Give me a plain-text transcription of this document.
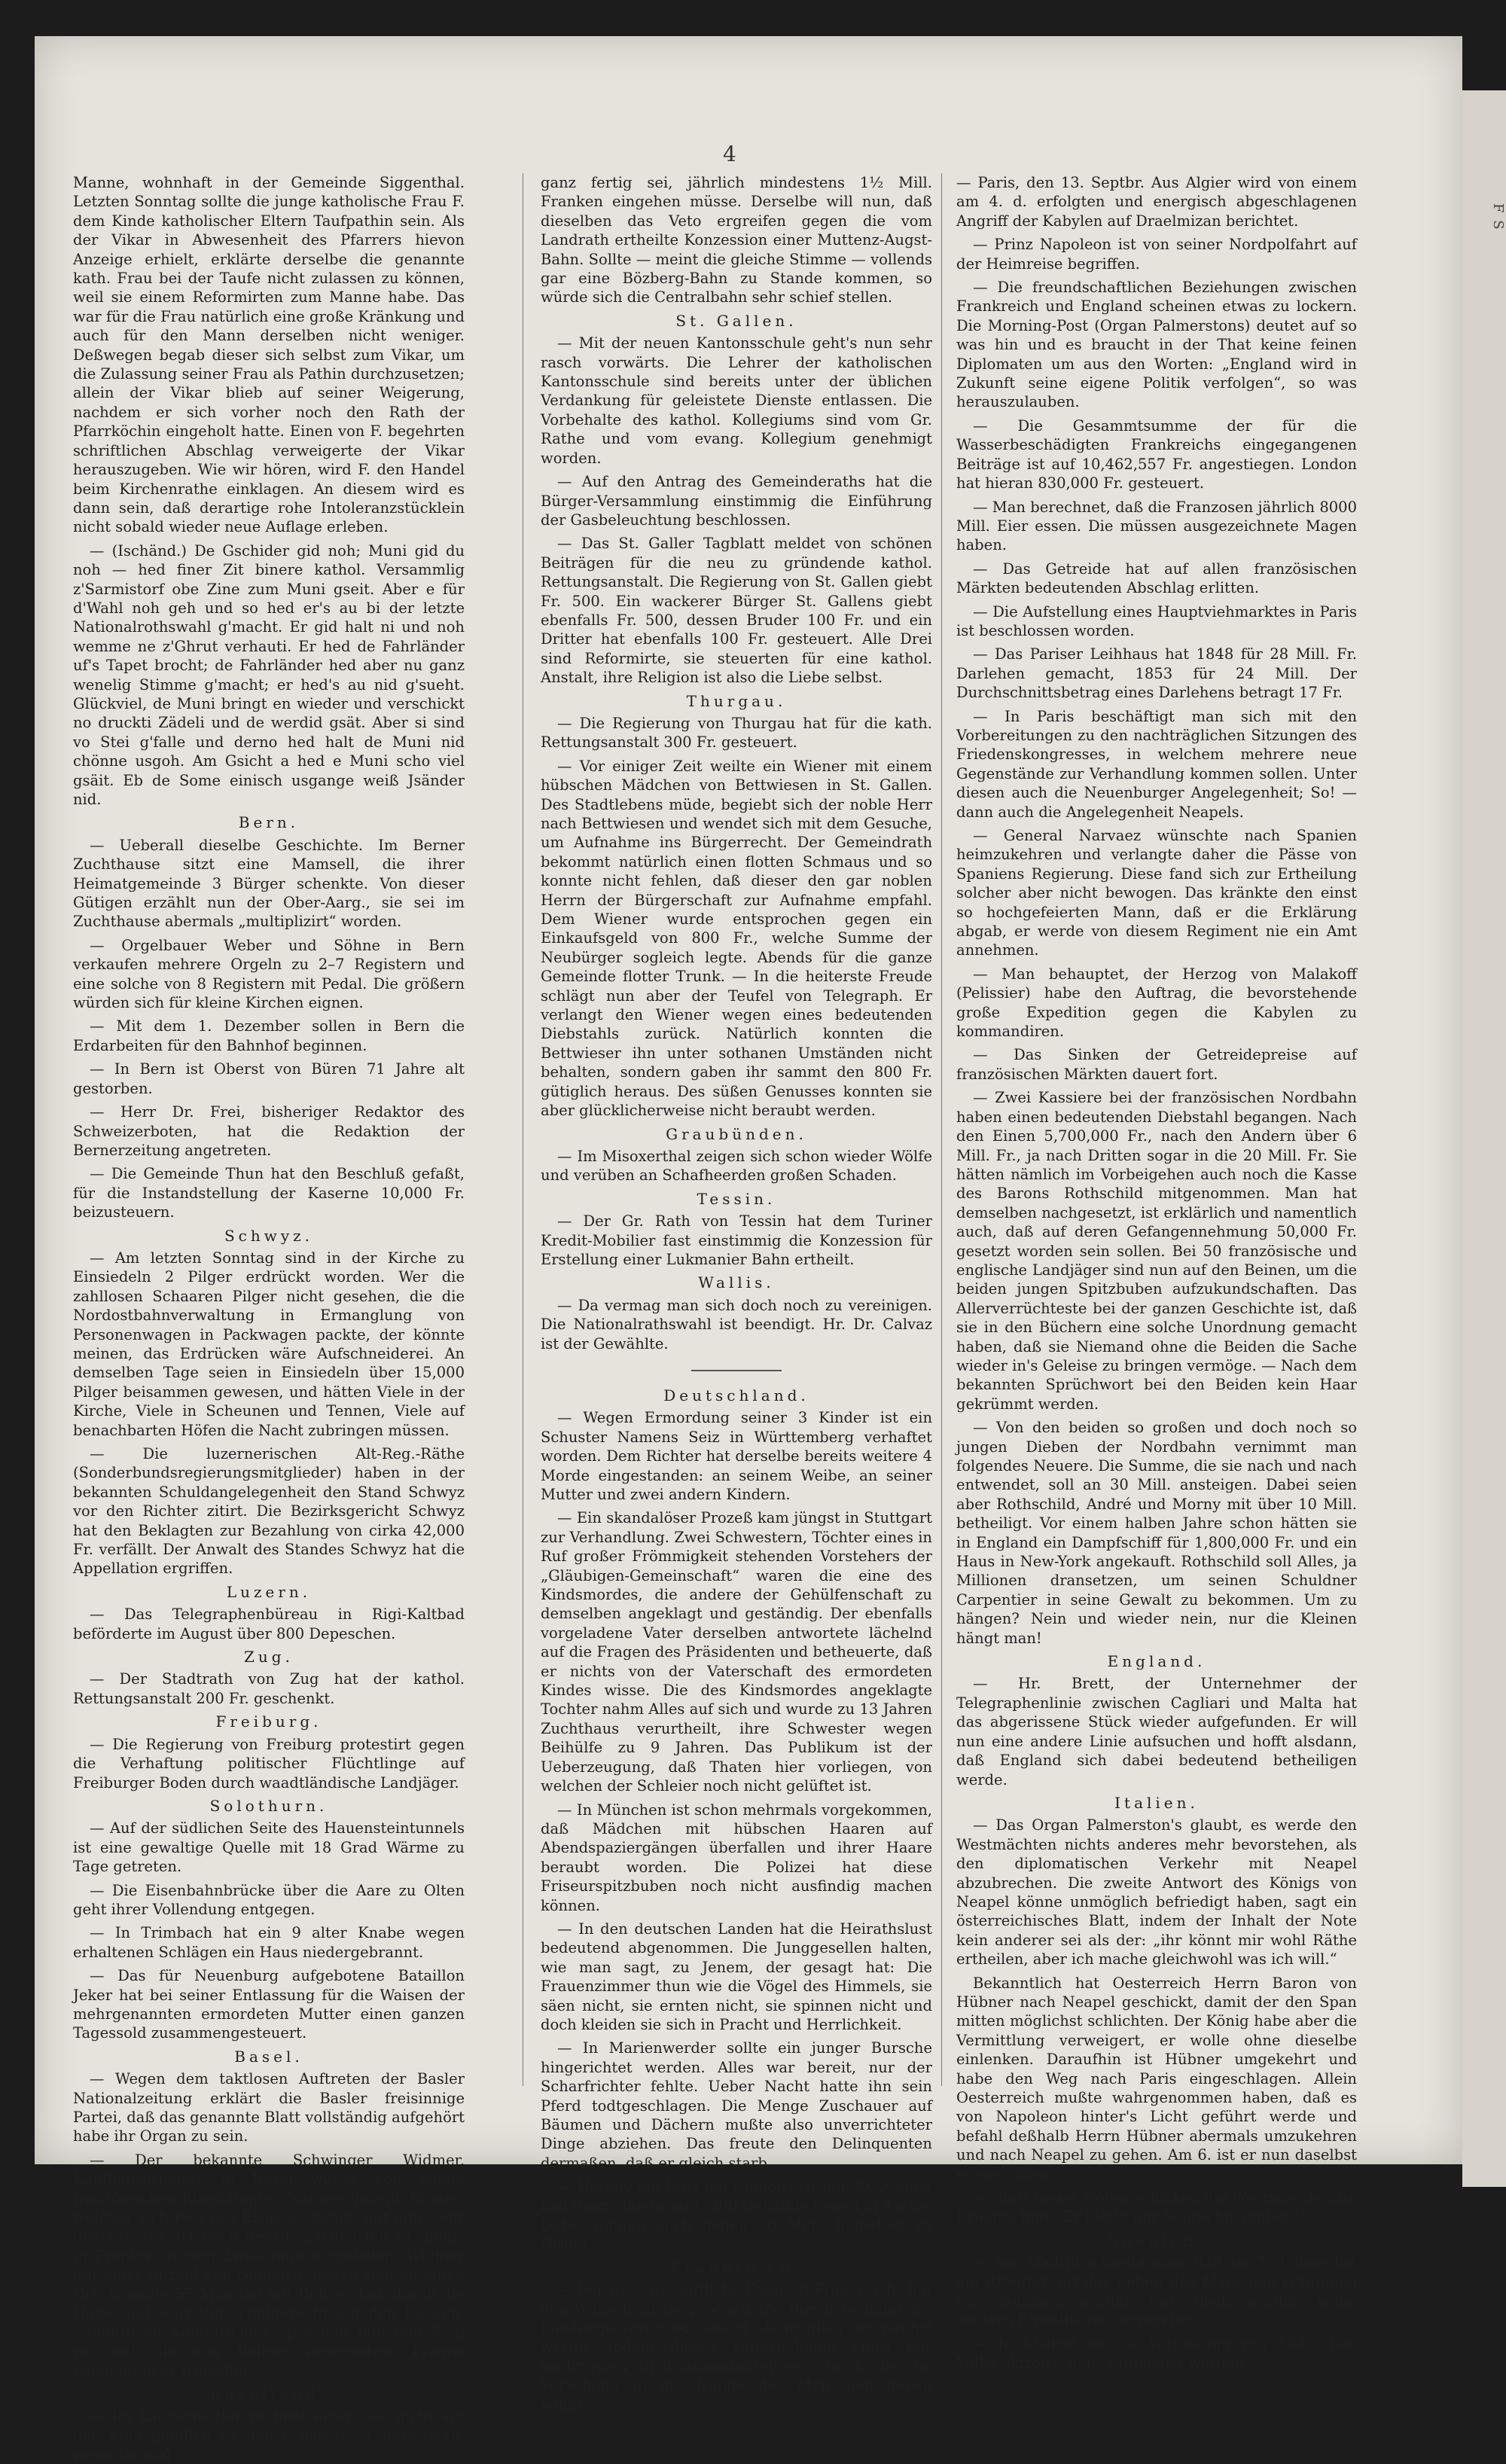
F S
4

Manne, wohnhaft in der Gemeinde Siggenthal. Letzten Sonntag sollte die junge katholische Frau F. dem Kinde katholischer Eltern Taufpathin sein. Als der Vikar in Abwesenheit des Pfarrers hievon Anzeige erhielt, erklärte derselbe die genannte kath. Frau bei der Taufe nicht zulassen zu können, weil sie einem Reformirten zum Manne habe. Das war für die Frau natürlich eine große Kränkung und auch für den Mann derselben nicht weniger. Deßwegen begab dieser sich selbst zum Vikar, um die Zulassung seiner Frau als Pathin durchzusetzen; allein der Vikar blieb auf seiner Weigerung, nachdem er sich vorher noch den Rath der Pfarrköchin eingeholt hatte. Einen von F. begehrten schriftlichen Abschlag verweigerte der Vikar herauszugeben. Wie wir hören, wird F. den Handel beim Kirchenrathe einklagen. An diesem wird es dann sein, daß derartige rohe Intoleranzstücklein nicht sobald wieder neue Auflage erleben.

— (Ischänd.) De Gschider gid noh; Muni gid du noh — hed finer Zit binere kathol. Versammlig z'Sarmistorf obe Zine zum Muni gseit. Aber e für d'Wahl noh geh und so hed er's au bi der letzte Nationalrothswahl g'macht. Er gid halt ni und noh wemme ne z'Ghrut verhauti. Er hed de Fahrländer uf's Tapet brocht; de Fahrländer hed aber nu ganz wenelig Stimme g'macht; er hed's au nid g'sueht. Glückviel, de Muni bringt en wieder und verschickt no druckti Zädeli und de werdid gsät. Aber si sind vo Stei g'falle und derno hed halt de Muni nid chönne usgoh. Am Gsicht a hed e Muni scho viel gsäit. Eb de Some einisch usgange weiß Jsänder nid.

Bern.

— Ueberall dieselbe Geschichte. Im Berner Zuchthause sitzt eine Mamsell, die ihrer Heimatgemeinde 3 Bürger schenkte. Von dieser Gütigen erzählt nun der Ober-Aarg., sie sei im Zuchthause abermals „multiplizirt“ worden.

— Orgelbauer Weber und Söhne in Bern verkaufen mehrere Orgeln zu 2–7 Registern und eine solche von 8 Registern mit Pedal. Die größern würden sich für kleine Kirchen eignen.

— Mit dem 1. Dezember sollen in Bern die Erdarbeiten für den Bahnhof beginnen.

— In Bern ist Oberst von Büren 71 Jahre alt gestorben.

— Herr Dr. Frei, bisheriger Redaktor des Schweizerboten, hat die Redaktion der Bernerzeitung angetreten.

— Die Gemeinde Thun hat den Beschluß gefaßt, für die Instandstellung der Kaserne 10,000 Fr. beizusteuern.

Schwyz.

— Am letzten Sonntag sind in der Kirche zu Einsiedeln 2 Pilger erdrückt worden. Wer die zahllosen Schaaren Pilger nicht gesehen, die die Nordostbahnverwaltung in Ermanglung von Personenwagen in Packwagen packte, der könnte meinen, das Erdrücken wäre Aufschneiderei. An demselben Tage seien in Einsiedeln über 15,000 Pilger beisammen gewesen, und hätten Viele in der Kirche, Viele in Scheunen und Tennen, Viele auf benachbarten Höfen die Nacht zubringen müssen.

— Die luzernerischen Alt-Reg.-Räthe (Sonderbundsregierungsmitglieder) haben in der bekannten Schuldangelegenheit den Stand Schwyz vor den Richter zitirt. Die Bezirksgericht Schwyz hat den Beklagten zur Bezahlung von cirka 42,000 Fr. verfällt. Der Anwalt des Standes Schwyz hat die Appellation ergriffen.

Luzern.

— Das Telegraphenbüreau in Rigi-Kaltbad beförderte im August über 800 Depeschen.

Zug.

— Der Stadtrath von Zug hat der kathol. Rettungsanstalt 200 Fr. geschenkt.

Freiburg.

— Die Regierung von Freiburg protestirt gegen die Verhaftung politischer Flüchtlinge auf Freiburger Boden durch waadtländische Landjäger.

Solothurn.

— Auf der südlichen Seite des Hauensteintunnels ist eine gewaltige Quelle mit 18 Grad Wärme zu Tage getreten.

— Die Eisenbahnbrücke über die Aare zu Olten geht ihrer Vollendung entgegen.

— In Trimbach hat ein 9 alter Knabe wegen erhaltenen Schlägen ein Haus niedergebrannt.

— Das für Neuenburg aufgebotene Bataillon Jeker hat bei seiner Entlassung für die Waisen der mehrgenannten ermordeten Mutter einen ganzen Tagessold zusammengesteuert.

Basel.

— Wegen dem taktlosen Auftreten der Basler Nationalzeitung erklärt die Basler freisinnige Partei, daß das genannte Blatt vollständig aufgehört habe ihr Organ zu sein.

— Der bekannte Schwinger Widmer, Kaufhausarbeiter in Basel wurde von einem französischen Ringkämpfer, Namens Joseph Bohrer, welcher sich Fels des Elsasses nennt, auf eine sehr überraschte Art nach dem benachbarten St. Louis in Frankreich zum Zweikampf eingeladen. Widmer mit einer Anzahl von Gönnern, begab sich an jenen Ort, kämpfte 55 Minuten mit Bohrer, hob ihn in die Höhe und warf ihn schulgerecht auf den Rücken. Sämmtliche Kampfrichter sprachen ihm den Sieg zu; auf die von Bohrer ausgesetzte Prämie verzichtete er freiwillig.

Baselland.

— Im Landschäftler rechnet einer, der nicht auf den Kopf gefallen ist, nach, daß die Centralbahn, wenn sie mal

ganz fertig sei, jährlich mindestens 1½ Mill. Franken eingehen müsse. Derselbe will nun, daß dieselben das Veto ergreifen gegen die vom Landrath ertheilte Konzession einer Muttenz-Augst-Bahn. Sollte — meint die gleiche Stimme — vollends gar eine Bözberg-Bahn zu Stande kommen, so würde sich die Centralbahn sehr schief stellen.

St. Gallen.

— Mit der neuen Kantonsschule geht's nun sehr rasch vorwärts. Die Lehrer der katholischen Kantonsschule sind bereits unter der üblichen Verdankung für geleistete Dienste entlassen. Die Vorbehalte des kathol. Kollegiums sind vom Gr. Rathe und vom evang. Kollegium genehmigt worden.

— Auf den Antrag des Gemeinderaths hat die Bürger-Versammlung einstimmig die Einführung der Gasbeleuchtung beschlossen.

— Das St. Galler Tagblatt meldet von schönen Beiträgen für die neu zu gründende kathol. Rettungsanstalt. Die Regierung von St. Gallen giebt Fr. 500. Ein wackerer Bürger St. Gallens giebt ebenfalls Fr. 500, dessen Bruder 100 Fr. und ein Dritter hat ebenfalls 100 Fr. gesteuert. Alle Drei sind Reformirte, sie steuerten für eine kathol. Anstalt, ihre Religion ist also die Liebe selbst.

Thurgau.

— Die Regierung von Thurgau hat für die kath. Rettungsanstalt 300 Fr. gesteuert.

— Vor einiger Zeit weilte ein Wiener mit einem hübschen Mädchen von Bettwiesen in St. Gallen. Des Stadtlebens müde, begiebt sich der noble Herr nach Bettwiesen und wendet sich mit dem Gesuche, um Aufnahme ins Bürgerrecht. Der Gemeindrath bekommt natürlich einen flotten Schmaus und so konnte nicht fehlen, daß dieser den gar noblen Herrn der Bürgerschaft zur Aufnahme empfahl. Dem Wiener wurde entsprochen gegen ein Einkaufsgeld von 800 Fr., welche Summe der Neubürger sogleich legte. Abends für die ganze Gemeinde flotter Trunk. — In die heiterste Freude schlägt nun aber der Teufel von Telegraph. Er verlangt den Wiener wegen eines bedeutenden Diebstahls zurück. Natürlich konnten die Bettwieser ihn unter sothanen Umständen nicht behalten, sondern gaben ihr sammt den 800 Fr. gütiglich heraus. Des süßen Genusses konnten sie aber glücklicherweise nicht beraubt werden.

Graubünden.

— Im Misoxerthal zeigen sich schon wieder Wölfe und verüben an Schafheerden großen Schaden.

Tessin.

— Der Gr. Rath von Tessin hat dem Turiner Kredit-Mobilier fast einstimmig die Konzession für Erstellung einer Lukmanier Bahn ertheilt.

Wallis.

— Da vermag man sich doch noch zu vereinigen. Die Nationalrathswahl ist beendigt. Hr. Dr. Calvaz ist der Gewählte.

Deutschland.

— Wegen Ermordung seiner 3 Kinder ist ein Schuster Namens Seiz in Württemberg verhaftet worden. Dem Richter hat derselbe bereits weitere 4 Morde eingestanden: an seinem Weibe, an seiner Mutter und zwei andern Kindern.

— Ein skandalöser Prozeß kam jüngst in Stuttgart zur Verhandlung. Zwei Schwestern, Töchter eines in Ruf großer Frömmigkeit stehenden Vorstehers der „Gläubigen-Gemeinschaft“ waren die eine des Kindsmordes, die andere der Gehülfenschaft zu demselben angeklagt und geständig. Der ebenfalls vorgeladene Vater derselben antwortete lächelnd auf die Fragen des Präsidenten und betheuerte, daß er nichts von der Vaterschaft des ermordeten Kindes wisse. Die des Kindsmordes angeklagte Tochter nahm Alles auf sich und wurde zu 13 Jahren Zuchthaus verurtheilt, ihre Schwester wegen Beihülfe zu 9 Jahren. Das Publikum ist der Ueberzeugung, daß Thaten hier vorliegen, von welchen der Schleier noch nicht gelüftet ist.

— In München ist schon mehrmals vorgekommen, daß Mädchen mit hübschen Haaren auf Abendspaziergängen überfallen und ihrer Haare beraubt worden. Die Polizei hat diese Friseurspitzbuben noch nicht ausfindig machen können.

— In den deutschen Landen hat die Heirathslust bedeutend abgenommen. Die Junggesellen halten, wie man sagt, zu Jenem, der gesagt hat: Die Frauenzimmer thun wie die Vögel des Himmels, sie säen nicht, sie ernten nicht, sie spinnen nicht und doch kleiden sie sich in Pracht und Herrlichkeit.

— In Marienwerder sollte ein junger Bursche hingerichtet werden. Alles war bereit, nur der Scharfrichter fehlte. Ueber Nacht hatte ihn sein Pferd todtgeschlagen. Die Menge Zuschauer auf Bäumen und Dächern mußte also unverrichteter Dinge abziehen. Das freute den Delinquenten dermaßen, daß er gleich starb.

— Hetény ein Dorf bei Comorn ist am 30. August fast ganz abgebrannt. 200 Gebäude liegen in Asche. Dabei gingen auch gegen 20 Menschenleben zu Grund.

Frankreich.

— Der wissenschaftliche Kongreß Frankreichs hat den Wunsch ausgesprochen, die Durchstechung der Landenge von Suez sobald als möglich ausgeführt werde, indem dieses Unternehmen eines der wichtigsten Civilisationsmittel sei, durch die die Vorsehung in die Hände des Menschen geben könne.

— Paris, den 13. Septbr. Aus Algier wird von einem am 4. d. erfolgten und energisch abgeschlagenen Angriff der Kabylen auf Draelmizan berichtet.

— Prinz Napoleon ist von seiner Nordpolfahrt auf der Heimreise begriffen.

— Die freundschaftlichen Beziehungen zwischen Frankreich und England scheinen etwas zu lockern. Die Morning-Post (Organ Palmerstons) deutet auf so was hin und es braucht in der That keine feinen Diplomaten um aus den Worten: „England wird in Zukunft seine eigene Politik verfolgen“, so was herauszulauben.

— Die Gesammtsumme der für die Wasserbeschädigten Frankreichs eingegangenen Beiträge ist auf 10,462,557 Fr. angestiegen. London hat hieran 830,000 Fr. gesteuert.

— Man berechnet, daß die Franzosen jährlich 8000 Mill. Eier essen. Die müssen ausgezeichnete Magen haben.

— Das Getreide hat auf allen französischen Märkten bedeutenden Abschlag erlitten.

— Die Aufstellung eines Hauptviehmarktes in Paris ist beschlossen worden.

— Das Pariser Leihhaus hat 1848 für 28 Mill. Fr. Darlehen gemacht, 1853 für 24 Mill. Der Durchschnittsbetrag eines Darlehens betragt 17 Fr.

— In Paris beschäftigt man sich mit den Vorbereitungen zu den nachträglichen Sitzungen des Friedenskongresses, in welchem mehrere neue Gegenstände zur Verhandlung kommen sollen. Unter diesen auch die Neuenburger Angelegenheit; So! — dann auch die Angelegenheit Neapels.

— General Narvaez wünschte nach Spanien heimzukehren und verlangte daher die Pässe von Spaniens Regierung. Diese fand sich zur Ertheilung solcher aber nicht bewogen. Das kränkte den einst so hochgefeierten Mann, daß er die Erklärung abgab, er werde von diesem Regiment nie ein Amt annehmen.

— Man behauptet, der Herzog von Malakoff (Pelissier) habe den Auftrag, die bevorstehende große Expedition gegen die Kabylen zu kommandiren.

— Das Sinken der Getreidepreise auf französischen Märkten dauert fort.

— Zwei Kassiere bei der französischen Nordbahn haben einen bedeutenden Diebstahl begangen. Nach den Einen 5,700,000 Fr., nach den Andern über 6 Mill. Fr., ja nach Dritten sogar in die 20 Mill. Fr. Sie hätten nämlich im Vorbeigehen auch noch die Kasse des Barons Rothschild mitgenommen. Man hat demselben nachgesetzt, ist erklärlich und namentlich auch, daß auf deren Gefangennehmung 50,000 Fr. gesetzt worden sein sollen. Bei 50 französische und englische Landjäger sind nun auf den Beinen, um die beiden jungen Spitzbuben aufzukundschaften. Das Allerverrüchteste bei der ganzen Geschichte ist, daß sie in den Büchern eine solche Unordnung gemacht haben, daß sie Niemand ohne die Beiden die Sache wieder in's Geleise zu bringen vermöge. — Nach dem bekannten Sprüchwort bei den Beiden kein Haar gekrümmt werden.

— Von den beiden so großen und doch noch so jungen Dieben der Nordbahn vernimmt man folgendes Neuere. Die Summe, die sie nach und nach entwendet, soll an 30 Mill. ansteigen. Dabei seien aber Rothschild, André und Morny mit über 10 Mill. betheiligt. Vor einem halben Jahre schon hätten sie in England ein Dampfschiff für 1,800,000 Fr. und ein Haus in New-York angekauft. Rothschild soll Alles, ja Millionen dransetzen, um seinen Schuldner Carpentier in seine Gewalt zu bekommen. Um zu hängen? Nein und wieder nein, nur die Kleinen hängt man!

England.

— Hr. Brett, der Unternehmer der Telegraphenlinie zwischen Cagliari und Malta hat das abgerissene Stück wieder aufgefunden. Er will nun eine andere Linie aufsuchen und hofft alsdann, daß England sich dabei bedeutend betheiligen werde.

Italien.

— Das Organ Palmerston's glaubt, es werde den Westmächten nichts anderes mehr bevorstehen, als den diplomatischen Verkehr mit Neapel abzubrechen. Die zweite Antwort des Königs von Neapel könne unmöglich befriedigt haben, sagt ein österreichisches Blatt, indem der Inhalt der Note kein anderer sei als der: „ihr könnt mir wohl Räthe ertheilen, aber ich mache gleichwohl was ich will.“

Bekanntlich hat Oesterreich Herrn Baron von Hübner nach Neapel geschickt, damit der den Span mitten möglichst schlichten. Der König habe aber die Vermittlung verweigert, er wolle ohne dieselbe einlenken. Daraufhin ist Hübner umgekehrt und habe den Weg nach Paris eingeschlagen. Allein Oesterreich mußte wahrgenommen haben, daß es von Napoleon hinter's Licht geführt werde und befahl deßhalb Herrn Hübner abermals umzukehren und nach Neapel zu gehen. Am 6. ist er nun daselbst eingetroffen.

— Statt neuer Noten schicken die Westmächte nun Kriegsschiffe. Er bleibt nur Schreckmännleins!

Spanien.

— Aus Madrid schreibt man, daß am 7. d. daselbst ein Attentat auf das Leben des Marschall O'Donnell vorgenommen worden war, doch werden keine weitern Einzelheiten angegeben.

— In Madrid ist die Verfassung von 1845 dem Volke oktroirt, d. h. aufgehalst worden.
